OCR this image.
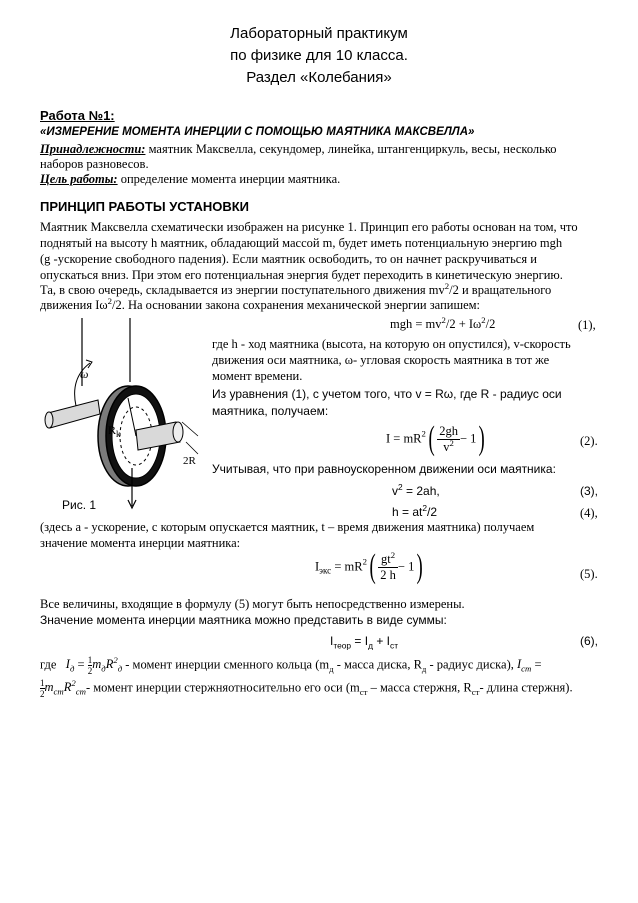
Лабораторный практикум
по физике для 10 класса.
Раздел «Колебания»
Работа №1:
«ИЗМЕРЕНИЕ МОМЕНТА ИНЕРЦИИ С ПОМОЩЬЮ МАЯТНИКА МАКСВЕЛЛА»
Принадлежности: маятник Максвелла, секундомер, линейка, штангенциркуль, весы, несколько
наборов разновесов.
Цель работы: определение момента инерции маятника.
ПРИНЦИП РАБОТЫ УСТАНОВКИ
Маятник Максвелла схематически изображен на рисунке 1. Принцип его работы основан на том, что
поднятый на высоту h маятник, обладающий массой m, будет иметь потенциальную энергию mgh
(g -ускорение свободного падения). Если маятник освободить, то он начнет раскручиваться и
опускаться вниз. При этом его потенциальная энергия будет переходить в кинетическую энергию.
Та, в свою очередь, складывается из энергии поступательного движения $mv^2/2$ и вращательного
движения $I\omega^2/2$. На основании закона сохранения механической энергии запишем:
ω
$R_k$
2R
Рис. 1
mgh = $mv^2/2 + I\omega^2/2$	(1),
где h - ход маятника (высота, на которую он опустился), v-скорость
движения оси маятника, ω- угловая скорость маятника в тот же
момент времени.
Из уравнения (1), с учетом того, что v = Rω, где R - радиус оси
маятника, получаем:
$I = mR^2( \frac{2gh}{v^2} - 1)$	(2).
Учитывая, что при равноускоренном движении оси маятника:
$v^2 = 2ah$,	(3),
$h = at^2/2$	(4),
(здесь a - ускорение, с которым опускается маятник, t – время движения маятника) получаем
значение момента инерции маятника:
$I_{экс} = mR^2( \frac{gt^2}{2 h} - 1)$	(5).
Все величины, входящие в формулу (5) могут быть непосредственно измерены.
Значение момента инерции маятника можно представить в виде суммы:
$I_{теор} = I_д + I_{ст}$	(6),
где $I_д = \frac{1}{2}m_дR^2_д$ - момент инерции сменного кольца ($m_д$ - масса диска, $R_д$ - радиус диска), $I_{ст}$ =
$\frac{1}{2}m_{ст}R^2_{ст}-$ момент инерции стержняотносительно его оси ($m_{ст}$ – масса стержня, $R_{ст}-$ длина стержня).
